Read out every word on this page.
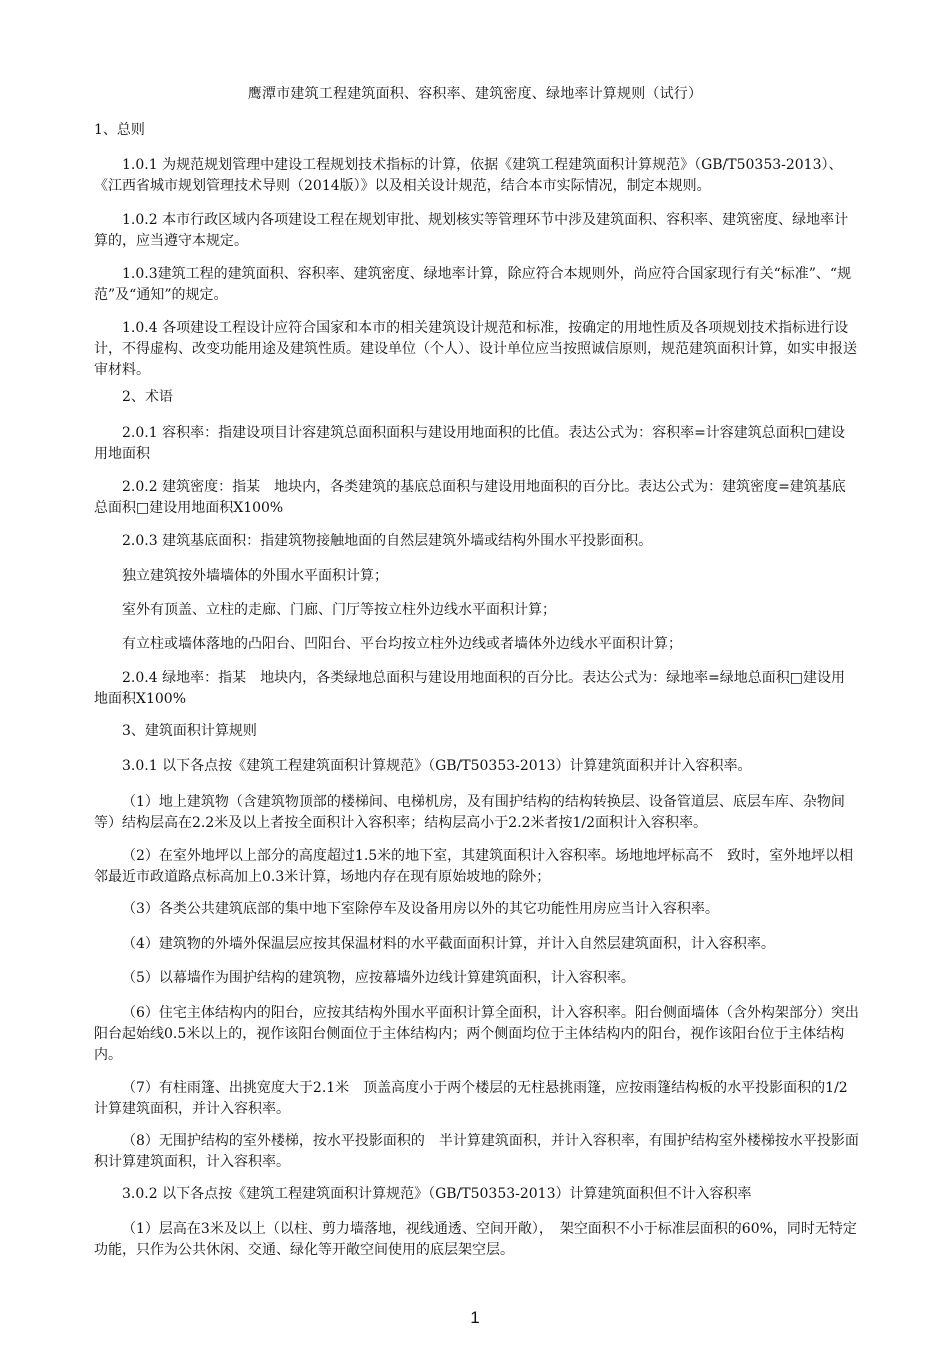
鹰潭市建筑工程建筑面积、容积率、建筑密度、绿地率计算规则（试行）

1、总则

1.0.1 为规范规划管理中建设工程规划技术指标的计算，依据《建筑工程建筑面积计算规范》（GB/T50353-2013）、《江西省城市规划管理技术导则（2014版）》以及相关设计规范，结合本市实际情况，制定本规则。

1.0.2 本市行政区域内各项建设工程在规划审批、规划核实等管理环节中涉及建筑面积、容积率、建筑密度、绿地率计算的，应当遵守本规定。

1.0.3建筑工程的建筑面积、容积率、建筑密度、绿地率计算，除应符合本规则外，尚应符合国家现行有关“标准”、“规范”及“通知”的规定。

1.0.4 各项建设工程设计应符合国家和本市的相关建筑设计规范和标准，按确定的用地性质及各项规划技术指标进行设计，不得虚构、改变功能用途及建筑性质。建设单位（个人）、设计单位应当按照诚信原则，规范建筑面积计算，如实申报送审材料。

2、术语

2.0.1 容积率：指建设项目计容建筑总面积面积与建设用地面积的比值。表达公式为：容积率=计容建筑总面积□建设用地面积

2.0.2 建筑密度：指某　地块内，各类建筑的基底总面积与建设用地面积的百分比。表达公式为：建筑密度=建筑基底总面积□建设用地面积X100%

2.0.3 建筑基底面积：指建筑物接触地面的自然层建筑外墙或结构外围水平投影面积。

独立建筑按外墙墙体的外围水平面积计算；

室外有顶盖、立柱的走廊、门廊、门厅等按立柱外边线水平面积计算；

有立柱或墙体落地的凸阳台、凹阳台、平台均按立柱外边线或者墙体外边线水平面积计算；

2.0.4 绿地率：指某　地块内，各类绿地总面积与建设用地面积的百分比。表达公式为：绿地率=绿地总面积□建设用地面积X100%

3、建筑面积计算规则

3.0.1 以下各点按《建筑工程建筑面积计算规范》（GB/T50353-2013）计算建筑面积并计入容积率。

（1）地上建筑物（含建筑物顶部的楼梯间、电梯机房，及有围护结构的结构转换层、设备管道层、底层车库、杂物间等）结构层高在2.2米及以上者按全面积计入容积率；结构层高小于2.2米者按1/2面积计入容积率。

（2）在室外地坪以上部分的高度超过1.5米的地下室，其建筑面积计入容积率。场地地坪标高不　致时，室外地坪以相邻最近市政道路点标高加上0.3米计算，场地内存在现有原始坡地的除外；

（3）各类公共建筑底部的集中地下室除停车及设备用房以外的其它功能性用房应当计入容积率。

（4）建筑物的外墙外保温层应按其保温材料的水平截面面积计算，并计入自然层建筑面积，计入容积率。

（5）以幕墙作为围护结构的建筑物，应按幕墙外边线计算建筑面积，计入容积率。

（6）住宅主体结构内的阳台，应按其结构外围水平面积计算全面积，计入容积率。阳台侧面墙体（含外构架部分）突出阳台起始线0.5米以上的，视作该阳台侧面位于主体结构内；两个侧面均位于主体结构内的阳台，视作该阳台位于主体结构内。

（7）有柱雨篷、出挑宽度大于2.1米　顶盖高度小于两个楼层的无柱悬挑雨篷，应按雨篷结构板的水平投影面积的1/2计算建筑面积，并计入容积率。

（8）无围护结构的室外楼梯，按水平投影面积的　半计算建筑面积，并计入容积率，有围护结构室外楼梯按水平投影面积计算建筑面积，计入容积率。

3.0.2 以下各点按《建筑工程建筑面积计算规范》（GB/T50353-2013）计算建筑面积但不计入容积率

（1）层高在3米及以上（以柱、剪力墙落地，视线通透、空间开敞），　架空面积不小于标准层面积的60%，同时无特定功能，只作为公共休闲、交通、绿化等开敞空间使用的底层架空层。

1
